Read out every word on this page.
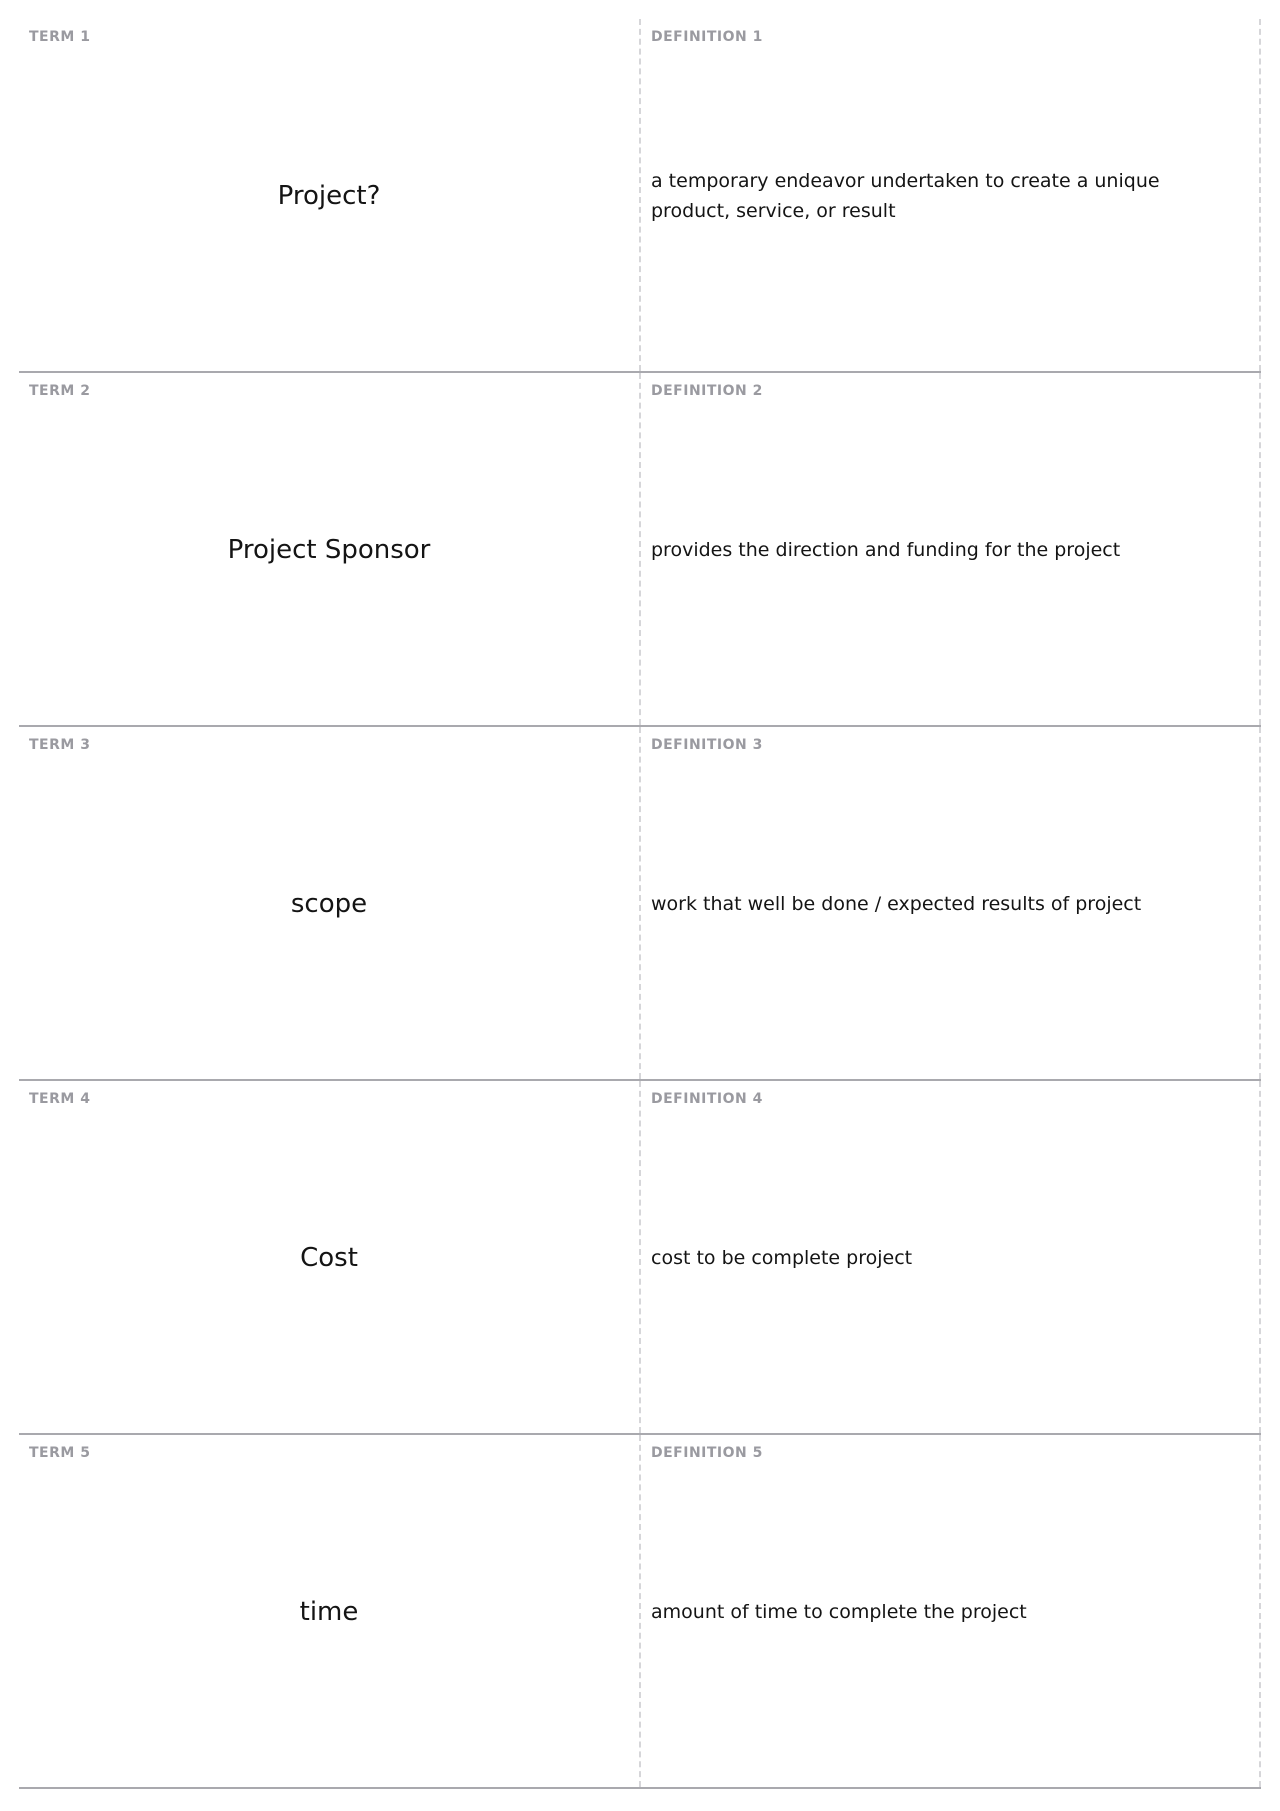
TERM 1
Project?
DEFINITION 1
a temporary endeavor undertaken to create a unique product, service, or result
TERM 2
Project Sponsor
DEFINITION 2
provides the direction and funding for the project
TERM 3
scope
DEFINITION 3
work that well be done / expected results of project
TERM 4
Cost
DEFINITION 4
cost to be complete project
TERM 5
time
DEFINITION 5
amount of time to complete the project
